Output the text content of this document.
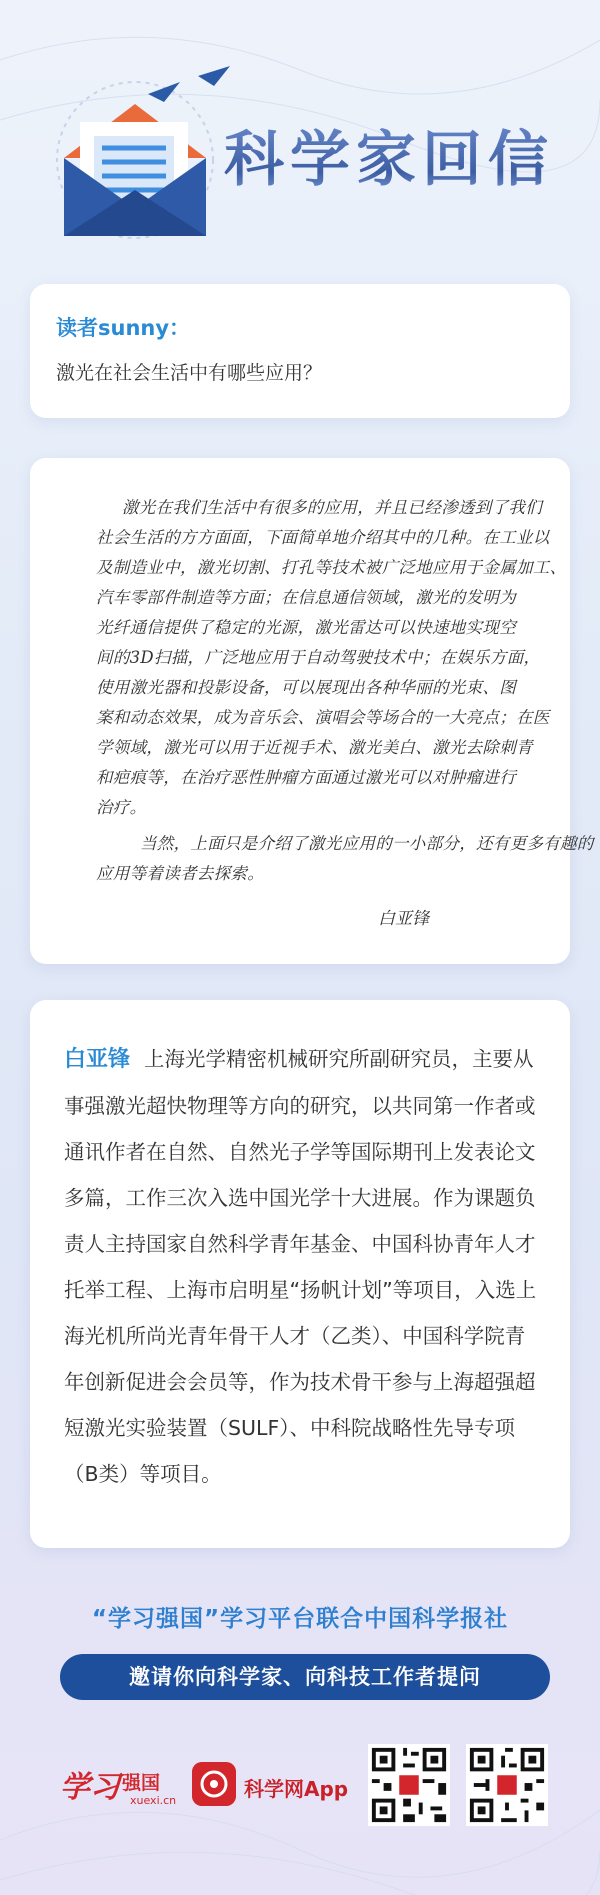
科学家回信
读者sunny：
激光在社会生活中有哪些应用？
激光在我们生活中有很多的应用，并且已经渗透到了我们
社会生活的方方面面，下面简单地介绍其中的几种。在工业以
及制造业中，激光切割、打孔等技术被广泛地应用于金属加工、
汽车零部件制造等方面；在信息通信领域，激光的发明为
光纤通信提供了稳定的光源，激光雷达可以快速地实现空
间的3D扫描，广泛地应用于自动驾驶技术中；在娱乐方面，
使用激光器和投影设备，可以展现出各种华丽的光束、图
案和动态效果，成为音乐会、演唱会等场合的一大亮点；在医
学领域，激光可以用于近视手术、激光美白、激光去除刺青
和疤痕等，在治疗恶性肿瘤方面通过激光可以对肿瘤进行
治疗。
当然，上面只是介绍了激光应用的一小部分，还有更多有趣的
应用等着读者去探索。
白亚锋
白亚锋 上海光学精密机械研究所副研究员，主要从事强激光超快物理等方向的研究，以共同第一作者或通讯作者在自然、自然光子学等国际期刊上发表论文多篇，工作三次入选中国光学十大进展。作为课题负责人主持国家自然科学青年基金、中国科协青年人才托举工程、上海市启明星“扬帆计划”等项目，入选上海光机所尚光青年骨干人才（乙类）、中国科学院青年创新促进会会员等，作为技术骨干参与上海超强超短激光实验装置（SULF）、中科院战略性先导专项（B类）等项目。
“学习强国”学习平台联合中国科学报社
邀请你向科学家、向科技工作者提问
学习 强国
xuexi.cn	科学网App
